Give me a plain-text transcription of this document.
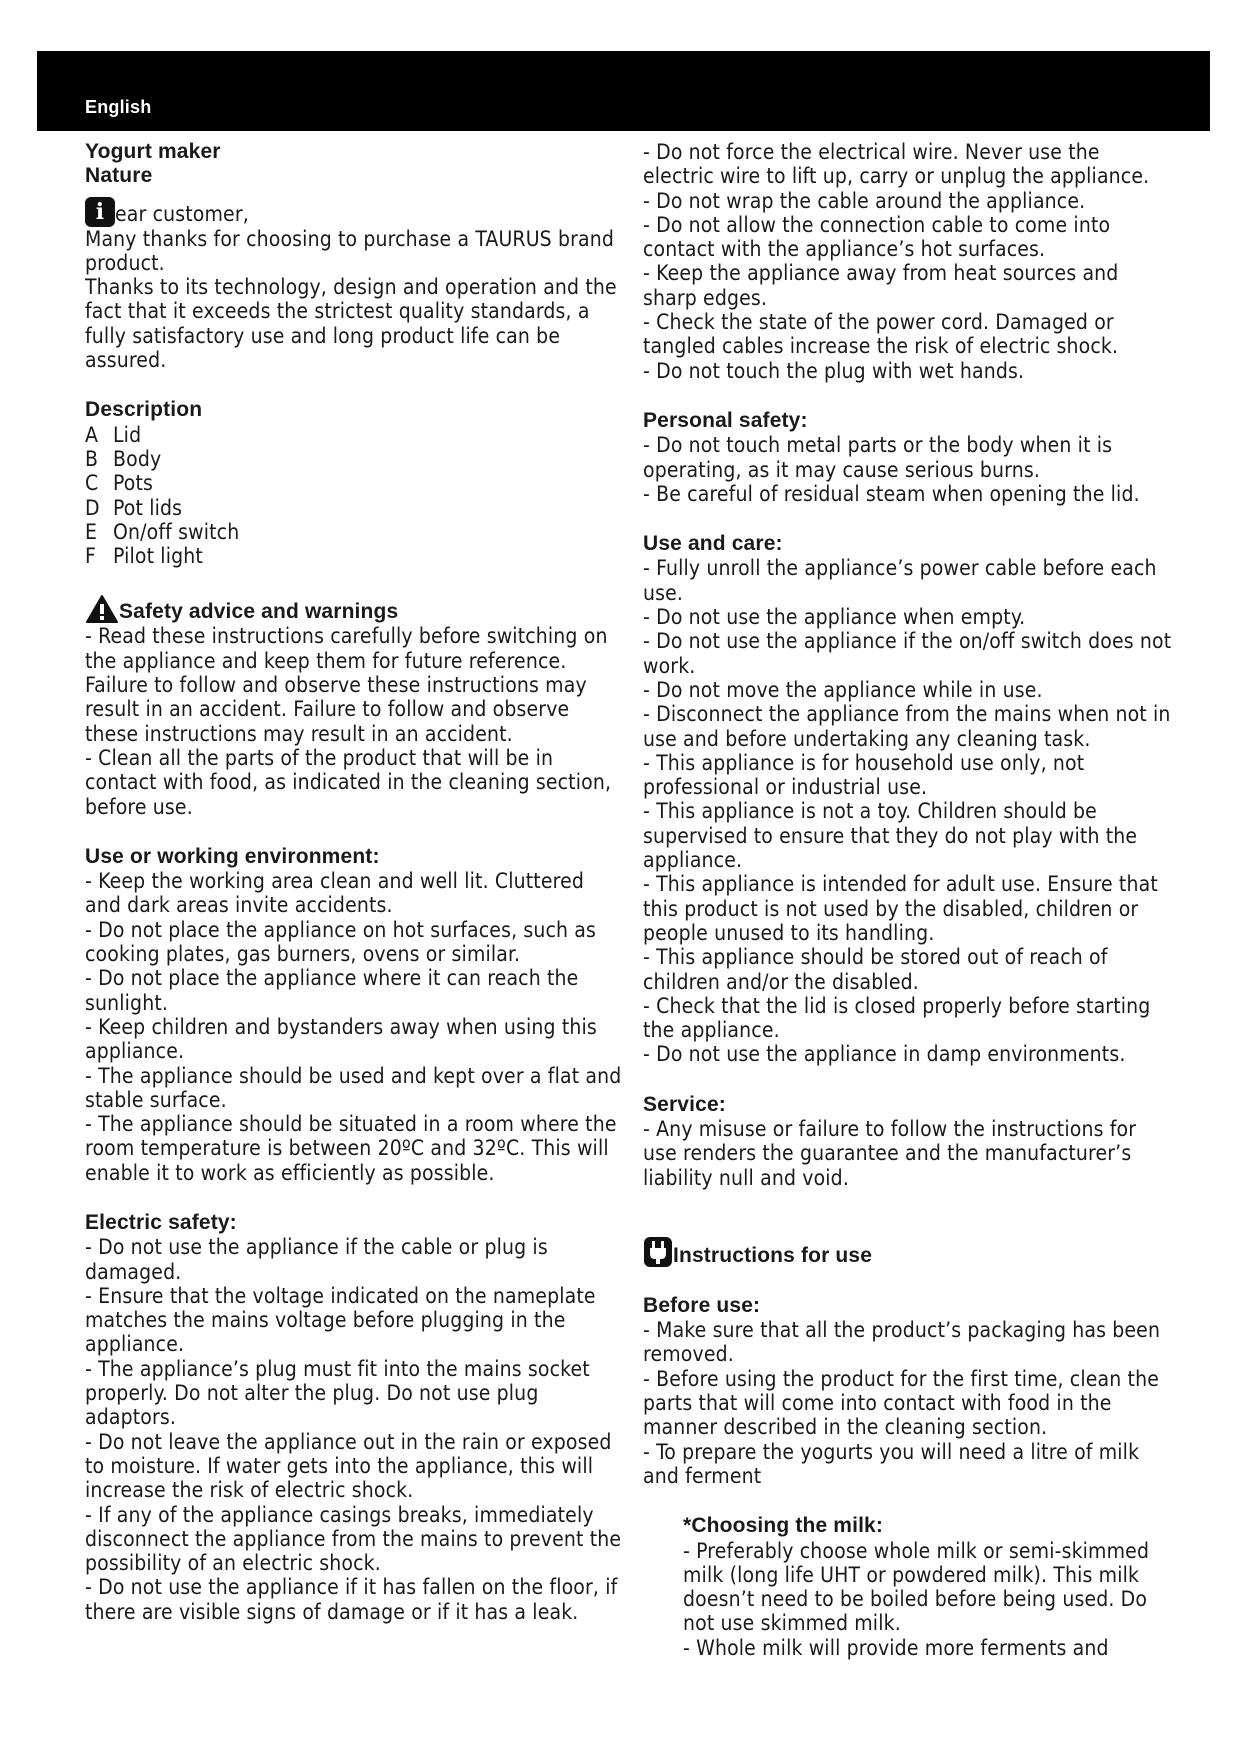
English
Yogurt maker
Nature
i ear customer,

Many thanks for choosing to purchase a TAURUS brand product.

Thanks to its technology, design and operation and the fact that it exceeds the strictest quality standards, a fully satisfactory use and long product life can be assured.

Description
A Lid
B Body
C Pots
D Pot lids
E On/off switch
F Pilot light
Safety advice and warnings

- Read these instructions carefully before switching on the appliance and keep them for future reference. Failure to follow and observe these instructions may result in an accident. Failure to follow and observe these instructions may result in an accident.

- Clean all the parts of the product that will be in contact with food, as indicated in the cleaning section, before use.

Use or working environment:

- Keep the working area clean and well lit. Cluttered and dark areas invite accidents.

- Do not place the appliance on hot surfaces, such as cooking plates, gas burners, ovens or similar.

- Do not place the appliance where it can reach the sunlight.

- Keep children and bystanders away when using this appliance.

- The appliance should be used and kept over a flat and stable surface.

- The appliance should be situated in a room where the room temperature is between 20ºC and 32ºC. This will enable it to work as efficiently as possible.

Electric safety:

- Do not use the appliance if the cable or plug is damaged.

- Ensure that the voltage indicated on the nameplate matches the mains voltage before plugging in the appliance.

- The appliance’s plug must fit into the mains socket properly. Do not alter the plug. Do not use plug adaptors.

- Do not leave the appliance out in the rain or exposed to moisture. If water gets into the appliance, this will increase the risk of electric shock.

- If any of the appliance casings breaks, immediately disconnect the appliance from the mains to prevent the possibility of an electric shock.

- Do not use the appliance if it has fallen on the floor, if there are visible signs of damage or if it has a leak.

- Do not force the electrical wire. Never use the electric wire to lift up, carry or unplug the appliance.

- Do not wrap the cable around the appliance.

- Do not allow the connection cable to come into contact with the appliance’s hot surfaces.

- Keep the appliance away from heat sources and sharp edges.

- Check the state of the power cord. Damaged or tangled cables increase the risk of electric shock.

- Do not touch the plug with wet hands.

Personal safety:

- Do not touch metal parts or the body when it is operating, as it may cause serious burns.

- Be careful of residual steam when opening the lid.

Use and care:

- Fully unroll the appliance’s power cable before each use.

- Do not use the appliance when empty.

- Do not use the appliance if the on/off switch does not work.

- Do not move the appliance while in use.

- Disconnect the appliance from the mains when not in use and before undertaking any cleaning task.

- This appliance is for household use only, not professional or industrial use.

- This appliance is not a toy. Children should be supervised to ensure that they do not play with the appliance.

- This appliance is intended for adult use. Ensure that this product is not used by the disabled, children or people unused to its handling.

- This appliance should be stored out of reach of children and/or the disabled.

- Check that the lid is closed properly before starting the appliance.

- Do not use the appliance in damp environments.

Service:

- Any misuse or failure to follow the instructions for use renders the guarantee and the manufacturer’s liability null and void.

Instructions for use
Before use:

- Make sure that all the product’s packaging has been removed.

- Before using the product for the first time, clean the parts that will come into contact with food in the manner described in the cleaning section.

- To prepare the yogurts you will need a litre of milk and ferment

*Choosing the milk:

- Preferably choose whole milk or semi-skimmed milk (long life UHT or powdered milk). This milk doesn’t need to be boiled before being used. Do not use skimmed milk.

- Whole milk will provide more ferments and
